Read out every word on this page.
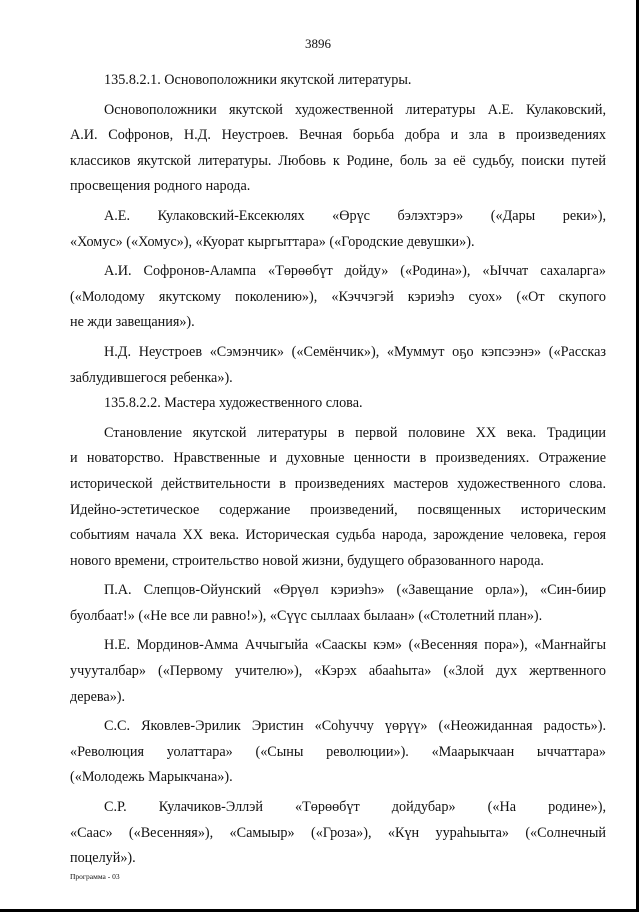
3896
135.8.2.1. Основоположники якутской литературы.
Основоположники якутской художественной литературы А.Е. Кулаковский,
А.И. Софронов, Н.Д. Неустроев. Вечная борьба добра и зла в произведениях
классиков якутской литературы. Любовь к Родине, боль за её судьбу, поиски путей
просвещения родного народа.
А.Е. Кулаковский-Ексекюлях «Өрүс бэлэхтэрэ» («Дары реки»),
«Хомус» («Хомус»), «Куорат кыргыттара» («Городские девушки»).
А.И. Софронов-Алампа «Төрөөбүт дойду» («Родина»), «Ыччат сахаларга»
(«Молодому якутскому поколению»), «Кэччэгэй кэриэһэ суох» («От скупого
не жди завещания»).
Н.Д. Неустроев «Сэмэнчик» («Семёнчик»), «Муммут оҕо кэпсээнэ» («Рассказ
заблудившегося ребенка»).
135.8.2.2. Мастера художественного слова.
Становление якутской литературы в первой половине XX века. Традиции
и новаторство. Нравственные и духовные ценности в произведениях. Отражение
исторической действительности в произведениях мастеров художественного слова.
Идейно-эстетическое содержание произведений, посвященных историческим
событиям начала XX века. Историческая судьба народа, зарождение человека, героя
нового времени, строительство новой жизни, будущего образованного народа.
П.А. Слепцов-Ойунский «Өрүөл кэриэһэ» («Завещание орла»), «Син-биир
буолбаат!» («Не все ли равно!»), «Сүүс сыллаах былаан» («Столетний план»).
Н.Е. Мординов-Амма Аччыгыйа «Сааскы кэм» («Весенняя пора»), «Маҥнайгы
учууталбар» («Первому учителю»), «Кэрэх абааһыта» («Злой дух жертвенного
дерева»).
С.С. Яковлев-Эрилик Эристин «Соһуччу үөрүү» («Неожиданная радость»).
«Революция уолаттара» («Сыны революции»). «Маарыкчаан ыччаттара»
(«Молодежь Марыкчана»).
С.Р. Кулачиков-Эллэй «Төрөөбүт дойдубар» («На родине»),
«Саас» («Весенняя»), «Самыыр» («Гроза»), «Күн уураһыыта» («Солнечный
поцелуй»).
Программа - 03
